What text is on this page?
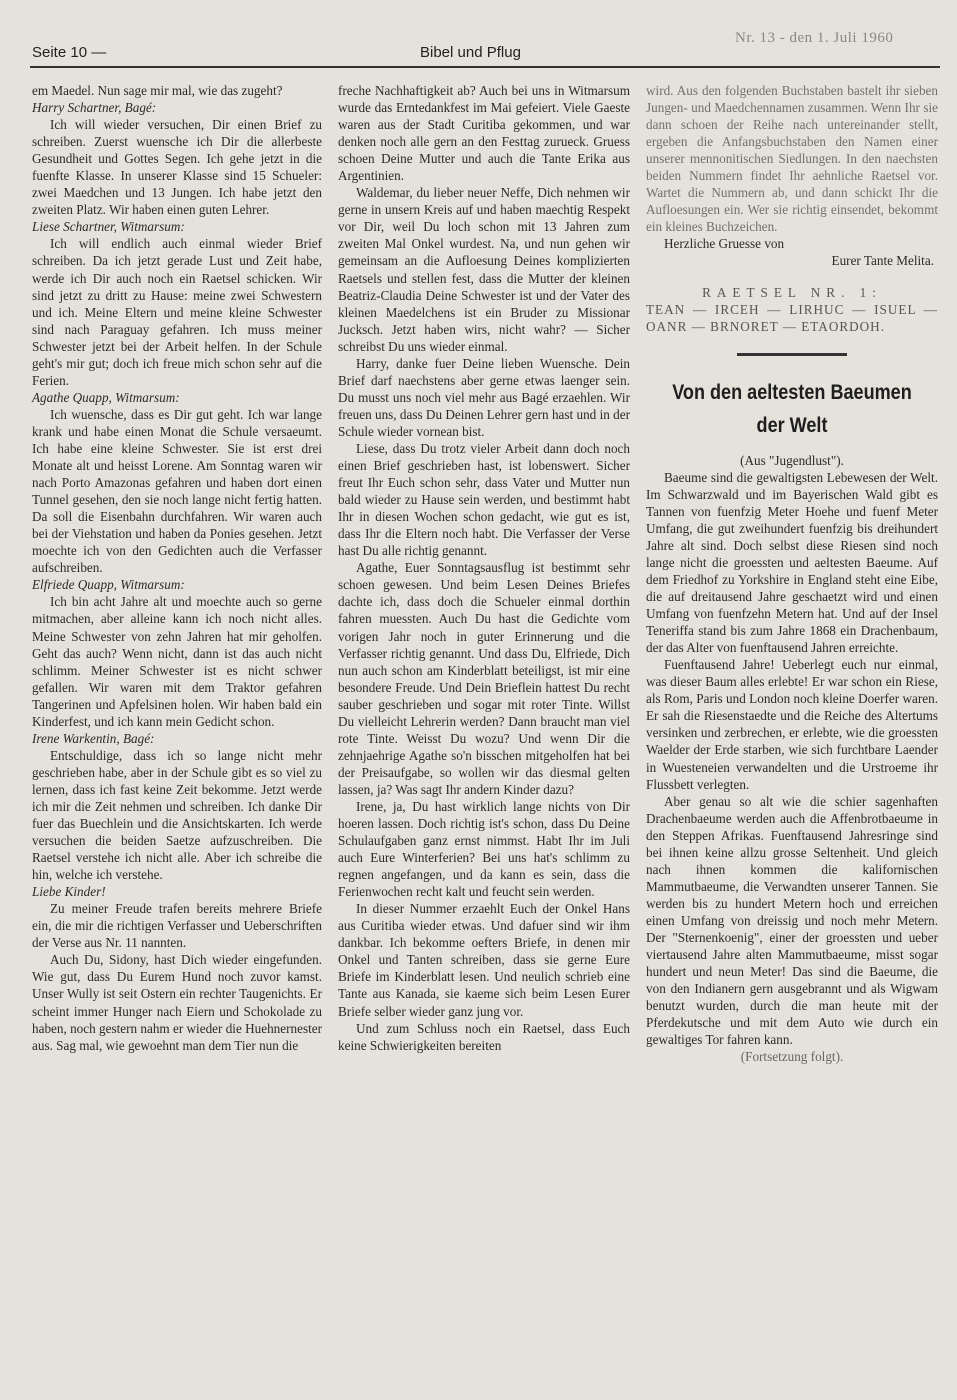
Seite 10 —	Bibel und Pflug
Nr. 13 - den 1. Juli 1960

em Maedel. Nun sage mir mal, wie das zugeht?

Harry Schartner, Bagé:

Ich will wieder versuchen, Dir einen Brief zu schreiben. Zuerst wuensche ich Dir die allerbeste Gesundheit und Gottes Segen. Ich gehe jetzt in die fuenfte Klasse. In unserer Klasse sind 15 Schueler: zwei Maedchen und 13 Jungen. Ich habe jetzt den zweiten Platz. Wir haben einen guten Lehrer.

Liese Schartner, Witmarsum:

Ich will endlich auch einmal wieder Brief schreiben. Da ich jetzt gerade Lust und Zeit habe, werde ich Dir auch noch ein Raetsel schicken. Wir sind jetzt zu dritt zu Hause: meine zwei Schwestern und ich. Meine Eltern und meine kleine Schwester sind nach Paraguay gefahren. Ich muss meiner Schwester jetzt bei der Arbeit helfen. In der Schule geht's mir gut; doch ich freue mich schon sehr auf die Ferien.

Agathe Quapp, Witmarsum:

Ich wuensche, dass es Dir gut geht. Ich war lange krank und habe einen Monat die Schule versaeumt. Ich habe eine kleine Schwester. Sie ist erst drei Monate alt und heisst Lorene. Am Sonntag waren wir nach Porto Amazonas gefahren und haben dort einen Tunnel gesehen, den sie noch lange nicht fertig hatten. Da soll die Eisenbahn durchfahren. Wir waren auch bei der Viehstation und haben da Ponies gesehen. Jetzt moechte ich von den Gedichten auch die Verfasser aufschreiben.

Elfriede Quapp, Witmarsum:

Ich bin acht Jahre alt und moechte auch so gerne mitmachen, aber alleine kann ich noch nicht alles. Meine Schwester von zehn Jahren hat mir geholfen. Geht das auch? Wenn nicht, dann ist das auch nicht schlimm. Meiner Schwester ist es nicht schwer gefallen. Wir waren mit dem Traktor gefahren Tangerinen und Apfelsinen holen. Wir haben bald ein Kinderfest, und ich kann mein Gedicht schon.

Irene Warkentin, Bagé:

Entschuldige, dass ich so lange nicht mehr geschrieben habe, aber in der Schule gibt es so viel zu lernen, dass ich fast keine Zeit bekomme. Jetzt werde ich mir die Zeit nehmen und schreiben. Ich danke Dir fuer das Buechlein und die Ansichtskarten. Ich werde versuchen die beiden Saetze aufzuschreiben. Die Raetsel verstehe ich nicht alle. Aber ich schreibe die hin, welche ich verstehe.

Liebe Kinder!

Zu meiner Freude trafen bereits mehrere Briefe ein, die mir die richtigen Verfasser und Ueberschriften der Verse aus Nr. 11 nannten.

Auch Du, Sidony, hast Dich wieder eingefunden. Wie gut, dass Du Eurem Hund noch zuvor kamst. Unser Wully ist seit Ostern ein rechter Taugenichts. Er scheint immer Hunger nach Eiern und Schokolade zu haben, noch gestern nahm er wieder die Huehnernester aus. Sag mal, wie gewoehnt man dem Tier nun die

freche Nachhaftigkeit ab? Auch bei uns in Witmarsum wurde das Erntedankfest im Mai gefeiert. Viele Gaeste waren aus der Stadt Curitiba gekommen, und war denken noch alle gern an den Festtag zurueck. Gruess schoen Deine Mutter und auch die Tante Erika aus Argentinien.

Waldemar, du lieber neuer Neffe, Dich nehmen wir gerne in unsern Kreis auf und haben maechtig Respekt vor Dir, weil Du loch schon mit 13 Jahren zum zweiten Mal Onkel wurdest. Na, und nun gehen wir gemeinsam an die Aufloesung Deines komplizierten Raetsels und stellen fest, dass die Mutter der kleinen Beatriz-Claudia Deine Schwester ist und der Vater des kleinen Maedelchens ist ein Bruder zu Missionar Jucksch. Jetzt haben wirs, nicht wahr? — Sicher schreibst Du uns wieder einmal.

Harry, danke fuer Deine lieben Wuensche. Dein Brief darf naechstens aber gerne etwas laenger sein. Du musst uns noch viel mehr aus Bagé erzaehlen. Wir freuen uns, dass Du Deinen Lehrer gern hast und in der Schule wieder vornean bist.

Liese, dass Du trotz vieler Arbeit dann doch noch einen Brief geschrieben hast, ist lobenswert. Sicher freut Ihr Euch schon sehr, dass Vater und Mutter nun bald wieder zu Hause sein werden, und bestimmt habt Ihr in diesen Wochen schon gedacht, wie gut es ist, dass Ihr die Eltern noch habt. Die Verfasser der Verse hast Du alle richtig genannt.

Agathe, Euer Sonntagsausflug ist bestimmt sehr schoen gewesen. Und beim Lesen Deines Briefes dachte ich, dass doch die Schueler einmal dorthin fahren muessten. Auch Du hast die Gedichte vom vorigen Jahr noch in guter Erinnerung und die Verfasser richtig genannt. Und dass Du, Elfriede, Dich nun auch schon am Kinderblatt beteiligst, ist mir eine besondere Freude. Und Dein Brieflein hattest Du recht sauber geschrieben und sogar mit roter Tinte. Willst Du vielleicht Lehrerin werden? Dann braucht man viel rote Tinte. Weisst Du wozu? Und wenn Dir die zehnjaehrige Agathe so'n bisschen mitgeholfen hat bei der Preisaufgabe, so wollen wir das diesmal gelten lassen, ja? Was sagt Ihr andern Kinder dazu?

Irene, ja, Du hast wirklich lange nichts von Dir hoeren lassen. Doch richtig ist's schon, dass Du Deine Schulaufgaben ganz ernst nimmst. Habt Ihr im Juli auch Eure Winterferien? Bei uns hat's schlimm zu regnen angefangen, und da kann es sein, dass die Ferienwochen recht kalt und feucht sein werden.

In dieser Nummer erzaehlt Euch der Onkel Hans aus Curitiba wieder etwas. Und dafuer sind wir ihm dankbar. Ich bekomme oefters Briefe, in denen mir Onkel und Tanten schreiben, dass sie gerne Eure Briefe im Kinderblatt lesen. Und neulich schrieb eine Tante aus Kanada, sie kaeme sich beim Lesen Eurer Briefe selber wieder ganz jung vor.

Und zum Schluss noch ein Raetsel, dass Euch keine Schwierigkeiten bereiten

wird. Aus den folgenden Buchstaben bastelt ihr sieben Jungen- und Maedchennamen zusammen. Wenn Ihr sie dann schoen der Reihe nach untereinander stellt, ergeben die Anfangsbuchstaben den Namen einer unserer mennonitischen Siedlungen. In den naechsten beiden Nummern findet Ihr aehnliche Raetsel vor. Wartet die Nummern ab, und dann schickt Ihr die Aufloesungen ein. Wer sie richtig einsendet, bekommt ein kleines Buchzeichen.

Herzliche Gruesse von

Eurer Tante Melita.

RAETSEL NR. 1:

TEAN — IRCEH — LIRHUC — ISUEL — OANR — BRNORET — ETAORDOH.

Von den aeltesten Baeumen
der Welt

(Aus "Jugendlust").

Baeume sind die gewaltigsten Lebewesen der Welt. Im Schwarzwald und im Bayerischen Wald gibt es Tannen von fuenfzig Meter Hoehe und fuenf Meter Umfang, die gut zweihundert fuenfzig bis dreihundert Jahre alt sind. Doch selbst diese Riesen sind noch lange nicht die groessten und aeltesten Baeume. Auf dem Friedhof zu Yorkshire in England steht eine Eibe, die auf dreitausend Jahre geschaetzt wird und einen Umfang von fuenfzehn Metern hat. Und auf der Insel Teneriffa stand bis zum Jahre 1868 ein Drachenbaum, der das Alter von fuenftausend Jahren erreichte.

Fuenftausend Jahre! Ueberlegt euch nur einmal, was dieser Baum alles erlebte! Er war schon ein Riese, als Rom, Paris und London noch kleine Doerfer waren. Er sah die Riesenstaedte und die Reiche des Altertums versinken und zerbrechen, er erlebte, wie die groessten Waelder der Erde starben, wie sich furchtbare Laender in Wuesteneien verwandelten und die Urstroeme ihr Flussbett verlegten.

Aber genau so alt wie die schier sagenhaften Drachenbaeume werden auch die Affenbrotbaeume in den Steppen Afrikas. Fuenftausend Jahresringe sind bei ihnen keine allzu grosse Seltenheit. Und gleich nach ihnen kommen die kalifornischen Mammutbaeume, die Verwandten unserer Tannen. Sie werden bis zu hundert Metern hoch und erreichen einen Umfang von dreissig und noch mehr Metern. Der "Sternenkoenig", einer der groessten und ueber viertausend Jahre alten Mammutbaeume, misst sogar hundert und neun Meter! Das sind die Baeume, die von den Indianern gern ausgebrannt und als Wigwam benutzt wurden, durch die man heute mit der Pferdekutsche und mit dem Auto wie durch ein gewaltiges Tor fahren kann.

(Fortsetzung folgt).
